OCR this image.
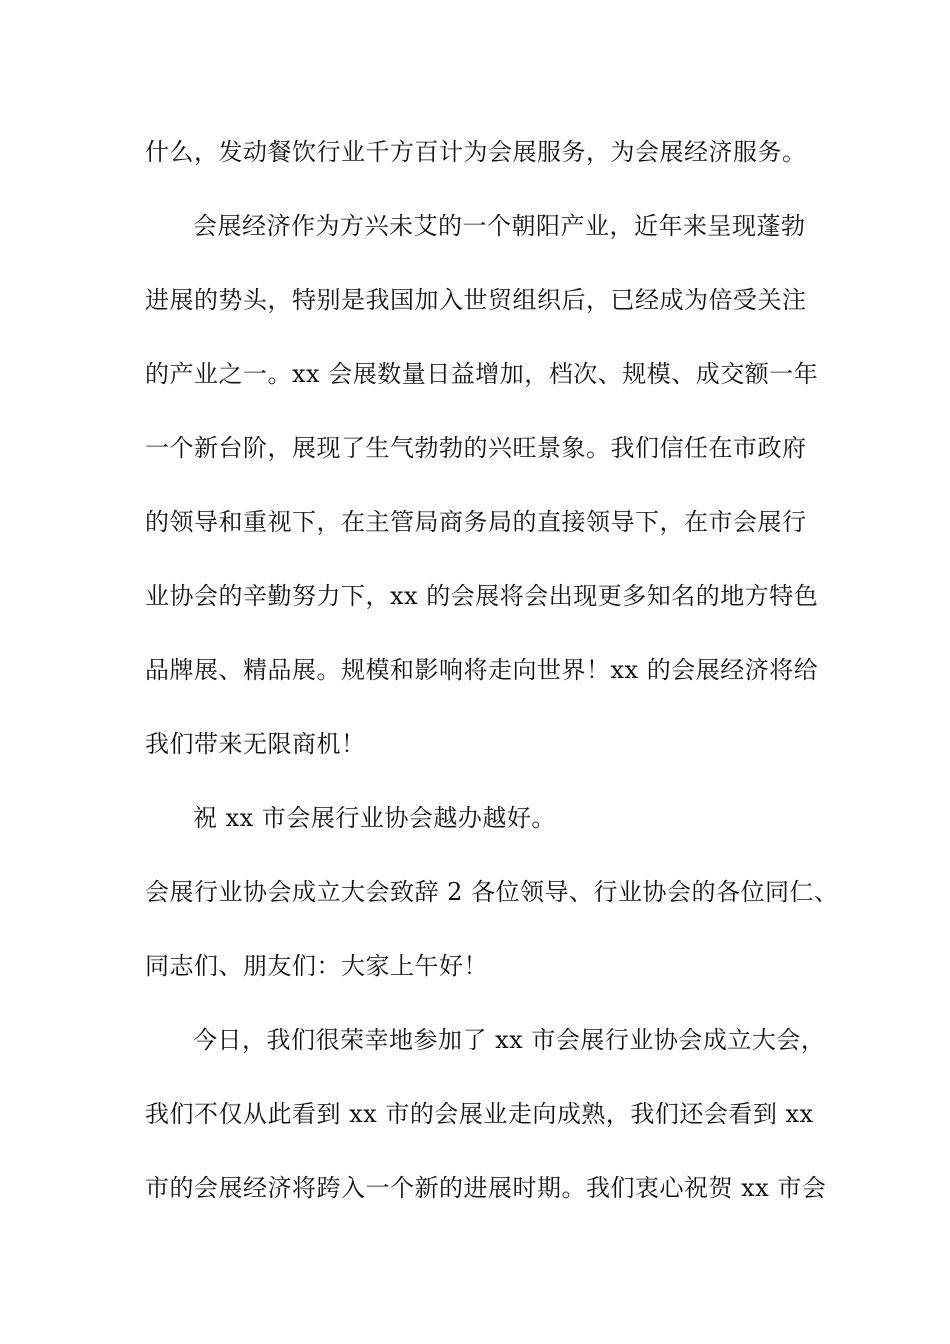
什么，发动餐饮行业千方百计为会展服务，为会展经济服务。
会展经济作为方兴未艾的一个朝阳产业，近年来呈现蓬勃
进展的势头，特别是我国加入世贸组织后，已经成为倍受关注
的产业之一。xx 会展数量日益增加，档次、规模、成交额一年
一个新台阶，展现了生气勃勃的兴旺景象。我们信任在市政府
的领导和重视下，在主管局商务局的直接领导下，在市会展行
业协会的辛勤努力下，xx 的会展将会出现更多知名的地方特色
品牌展、精品展。规模和影响将走向世界！xx 的会展经济将给
我们带来无限商机！
祝 xx 市会展行业协会越办越好。
会展行业协会成立大会致辞 2 各位领导、行业协会的各位同仁、
同志们、朋友们：大家上午好！
今日，我们很荣幸地参加了 xx 市会展行业协会成立大会，
我们不仅从此看到 xx 市的会展业走向成熟，我们还会看到 xx
市的会展经济将跨入一个新的进展时期。我们衷心祝贺 xx 市会
